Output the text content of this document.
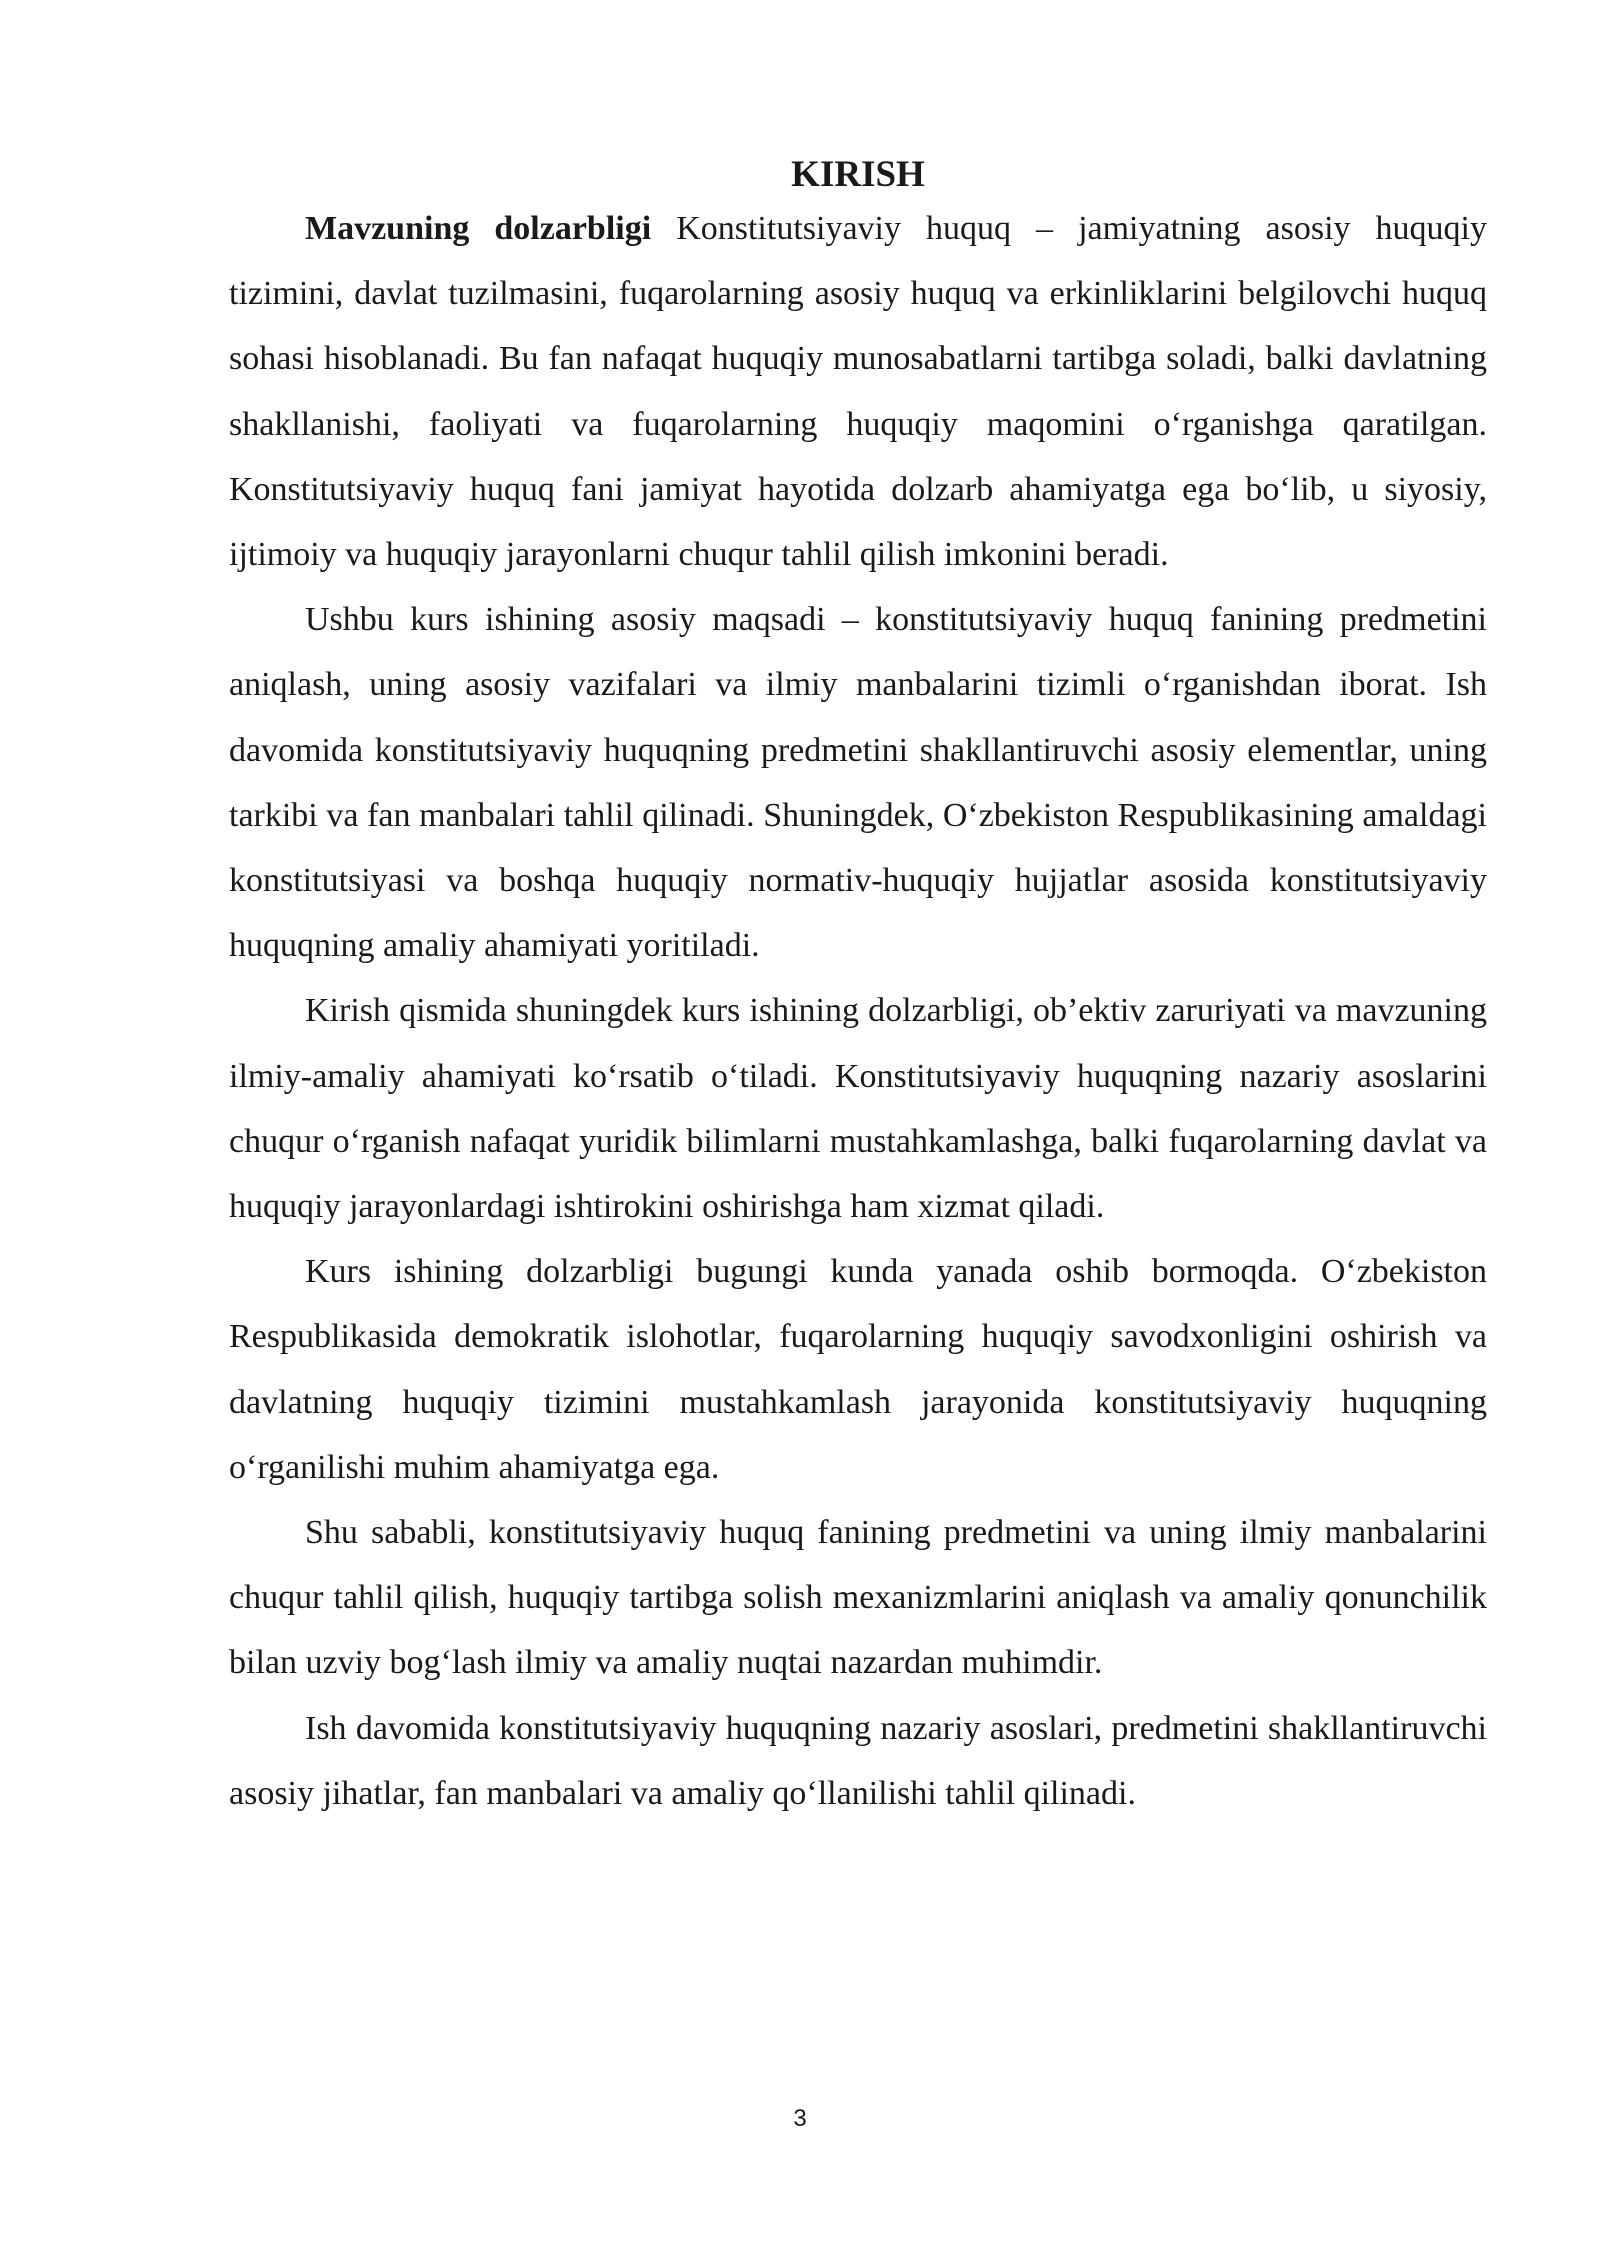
KIRISH

Mavzuning dolzarbligi Konstitutsiyaviy huquq – jamiyatning asosiy huquqiy tizimini, davlat tuzilmasini, fuqarolarning asosiy huquq va erkinliklarini belgilovchi huquq sohasi hisoblanadi. Bu fan nafaqat huquqiy munosabatlarni tartibga soladi, balki davlatning shakllanishi, faoliyati va fuqarolarning huquqiy maqomini o‘rganishga qaratilgan. Konstitutsiyaviy huquq fani jamiyat hayotida dolzarb ahamiyatga ega bo‘lib, u siyosiy, ijtimoiy va huquqiy jarayonlarni chuqur tahlil qilish imkonini beradi.

Ushbu kurs ishining asosiy maqsadi – konstitutsiyaviy huquq fanining predmetini aniqlash, uning asosiy vazifalari va ilmiy manbalarini tizimli o‘rganishdan iborat. Ish davomida konstitutsiyaviy huquqning predmetini shakllantiruvchi asosiy elementlar, uning tarkibi va fan manbalari tahlil qilinadi. Shuningdek, O‘zbekiston Respublikasining amaldagi konstitutsiyasi va boshqa huquqiy normativ-huquqiy hujjatlar asosida konstitutsiyaviy huquqning amaliy ahamiyati yoritiladi.

Kirish qismida shuningdek kurs ishining dolzarbligi, ob’ektiv zaruriyati va mavzuning ilmiy-amaliy ahamiyati ko‘rsatib o‘tiladi. Konstitutsiyaviy huquqning nazariy asoslarini chuqur o‘rganish nafaqat yuridik bilimlarni mustahkamlashga, balki fuqarolarning davlat va huquqiy jarayonlardagi ishtirokini oshirishga ham xizmat qiladi.

Kurs ishining dolzarbligi bugungi kunda yanada oshib bormoqda. O‘zbekiston Respublikasida demokratik islohotlar, fuqarolarning huquqiy savodxonligini oshirish va davlatning huquqiy tizimini mustahkamlash jarayonida konstitutsiyaviy huquqning o‘rganilishi muhim ahamiyatga ega.

Shu sababli, konstitutsiyaviy huquq fanining predmetini va uning ilmiy manbalarini chuqur tahlil qilish, huquqiy tartibga solish mexanizmlarini aniqlash va amaliy qonunchilik bilan uzviy bog‘lash ilmiy va amaliy nuqtai nazardan muhimdir.

Ish davomida konstitutsiyaviy huquqning nazariy asoslari, predmetini shakllantiruvchi asosiy jihatlar, fan manbalari va amaliy qo‘llanilishi tahlil qilinadi.

3
